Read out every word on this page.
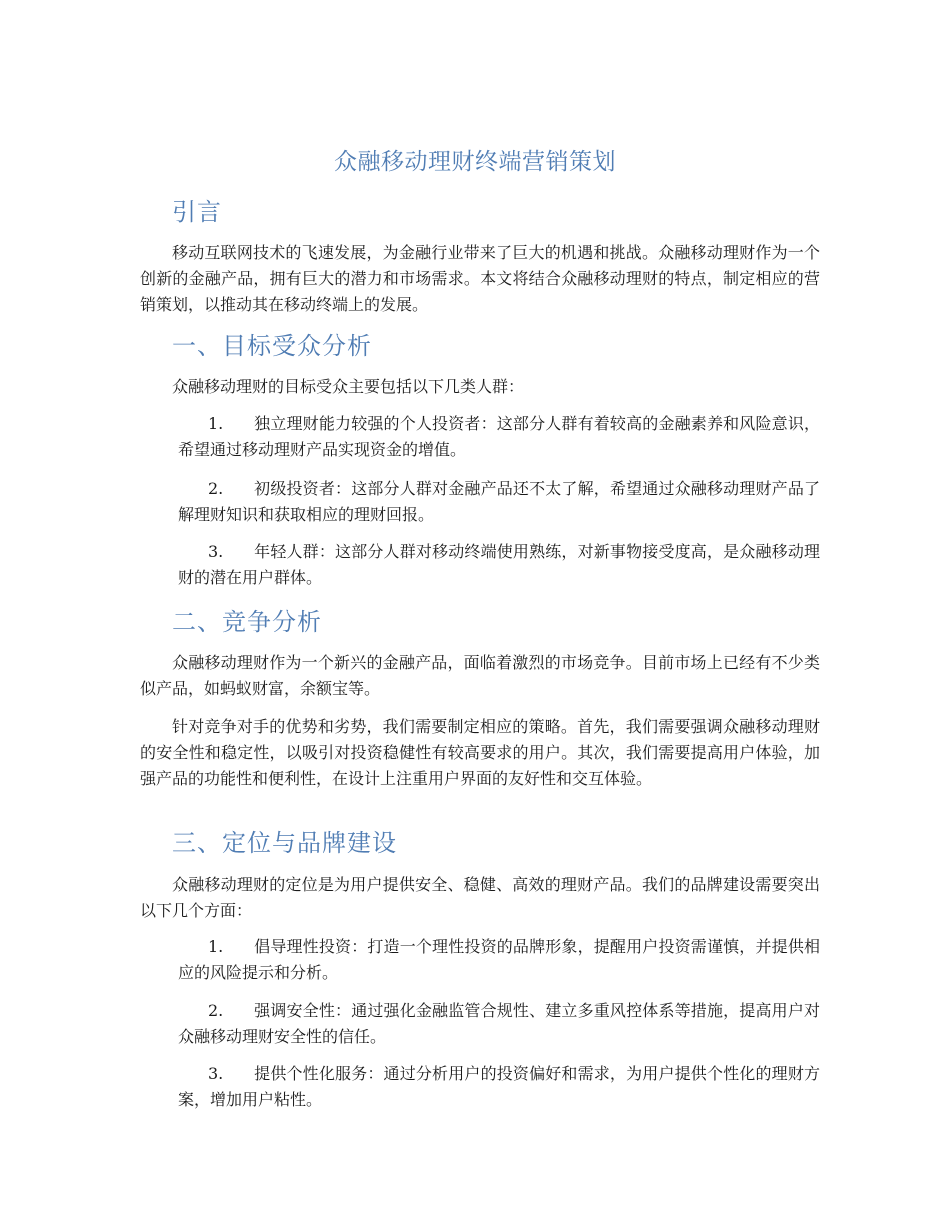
众融移动理财终端营销策划
引言
移动互联网技术的飞速发展，为金融行业带来了巨大的机遇和挑战。众融移动理财作为一个创新的金融产品，拥有巨大的潜力和市场需求。本文将结合众融移动理财的特点，制定相应的营销策划，以推动其在移动终端上的发展。
一、目标受众分析
众融移动理财的目标受众主要包括以下几类人群：
1. 独立理财能力较强的个人投资者：这部分人群有着较高的金融素养和风险意识，希望通过移动理财产品实现资金的增值。
2. 初级投资者：这部分人群对金融产品还不太了解，希望通过众融移动理财产品了解理财知识和获取相应的理财回报。
3. 年轻人群：这部分人群对移动终端使用熟练，对新事物接受度高，是众融移动理财的潜在用户群体。
二、竞争分析
众融移动理财作为一个新兴的金融产品，面临着激烈的市场竞争。目前市场上已经有不少类似产品，如蚂蚁财富，余额宝等。
针对竞争对手的优势和劣势，我们需要制定相应的策略。首先，我们需要强调众融移动理财的安全性和稳定性，以吸引对投资稳健性有较高要求的用户。其次，我们需要提高用户体验，加强产品的功能性和便利性，在设计上注重用户界面的友好性和交互体验。
三、定位与品牌建设
众融移动理财的定位是为用户提供安全、稳健、高效的理财产品。我们的品牌建设需要突出以下几个方面：
1. 倡导理性投资：打造一个理性投资的品牌形象，提醒用户投资需谨慎，并提供相应的风险提示和分析。
2. 强调安全性：通过强化金融监管合规性、建立多重风控体系等措施，提高用户对众融移动理财安全性的信任。
3. 提供个性化服务：通过分析用户的投资偏好和需求，为用户提供个性化的理财方案，增加用户粘性。
